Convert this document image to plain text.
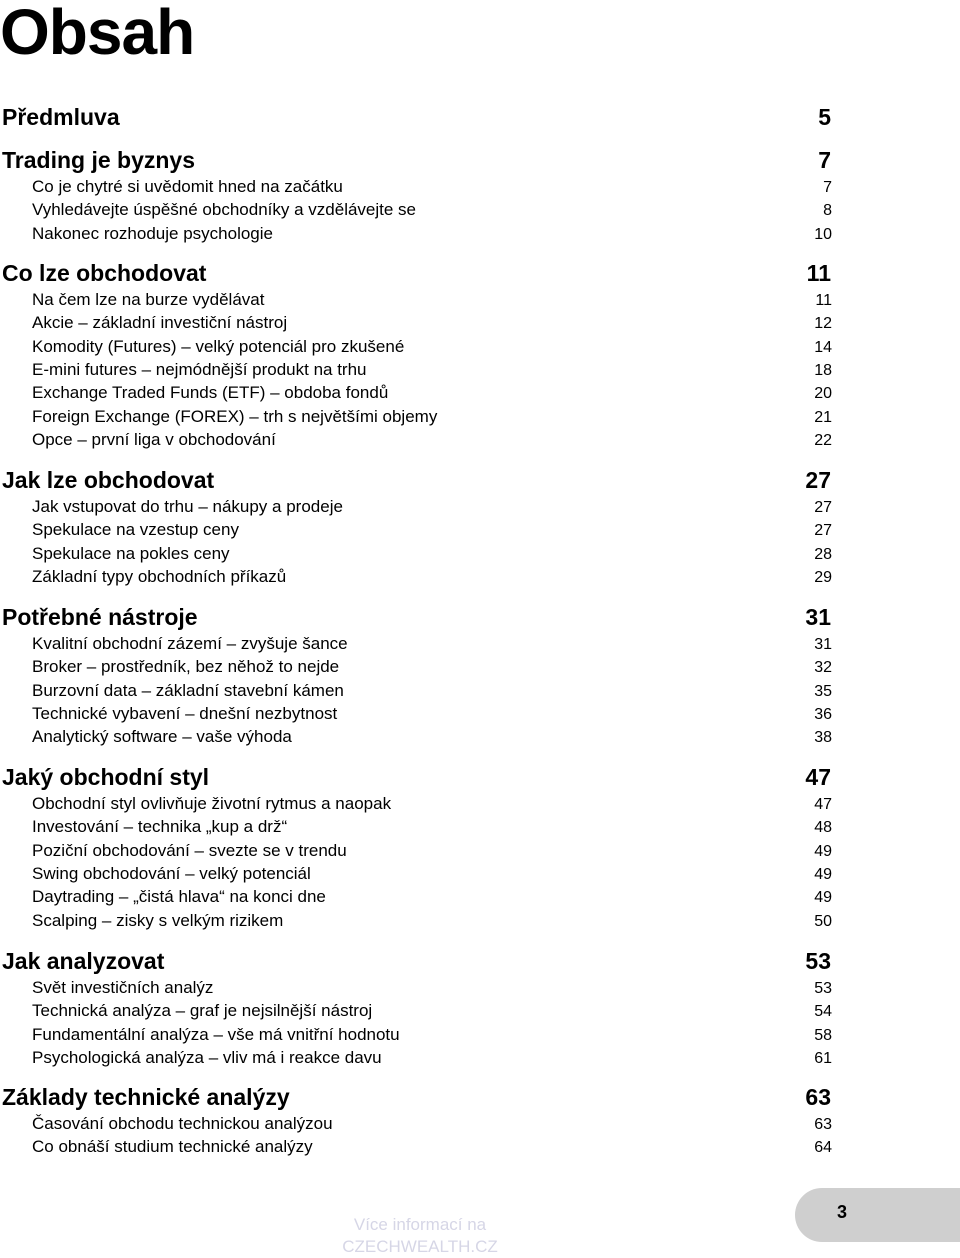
Obsah
Předmluva	5
Trading je byznys	7
Co je chytré si uvědomit hned na začátku	7
Vyhledávejte úspěšné obchodníky a vzdělávejte se	8
Nakonec rozhoduje psychologie	10
Co lze obchodovat	11
Na čem lze na burze vydělávat	11
Akcie – základní investiční nástroj	12
Komodity (Futures) – velký potenciál pro zkušené	14
E-mini futures – nejmódnější produkt na trhu	18
Exchange Traded Funds (ETF) – obdoba fondů	20
Foreign Exchange (FOREX) – trh s největšími objemy	21
Opce – první liga v obchodování	22
Jak lze obchodovat	27
Jak vstupovat do trhu – nákupy a prodeje	27
Spekulace na vzestup ceny	27
Spekulace na pokles ceny	28
Základní typy obchodních příkazů	29
Potřebné nástroje	31
Kvalitní obchodní zázemí – zvyšuje šance	31
Broker – prostředník, bez něhož to nejde	32
Burzovní data – základní stavební kámen	35
Technické vybavení – dnešní nezbytnost	36
Analytický software – vaše výhoda	38
Jaký obchodní styl	47
Obchodní styl ovlivňuje životní rytmus a naopak	47
Investování – technika „kup a drž“	48
Poziční obchodování – svezte se v trendu	49
Swing obchodování – velký potenciál	49
Daytrading – „čistá hlava“ na konci dne	49
Scalping – zisky s velkým rizikem	50
Jak analyzovat	53
Svět investičních analýz	53
Technická analýza – graf je nejsilnější nástroj	54
Fundamentální analýza – vše má vnitřní hodnotu	58
Psychologická analýza – vliv má i reakce davu	61
Základy technické analýzy	63
Časování obchodu technickou analýzou	63
Co obnáší studium technické analýzy	64
Více informací na
CZECHWEALTH.CZ
3
